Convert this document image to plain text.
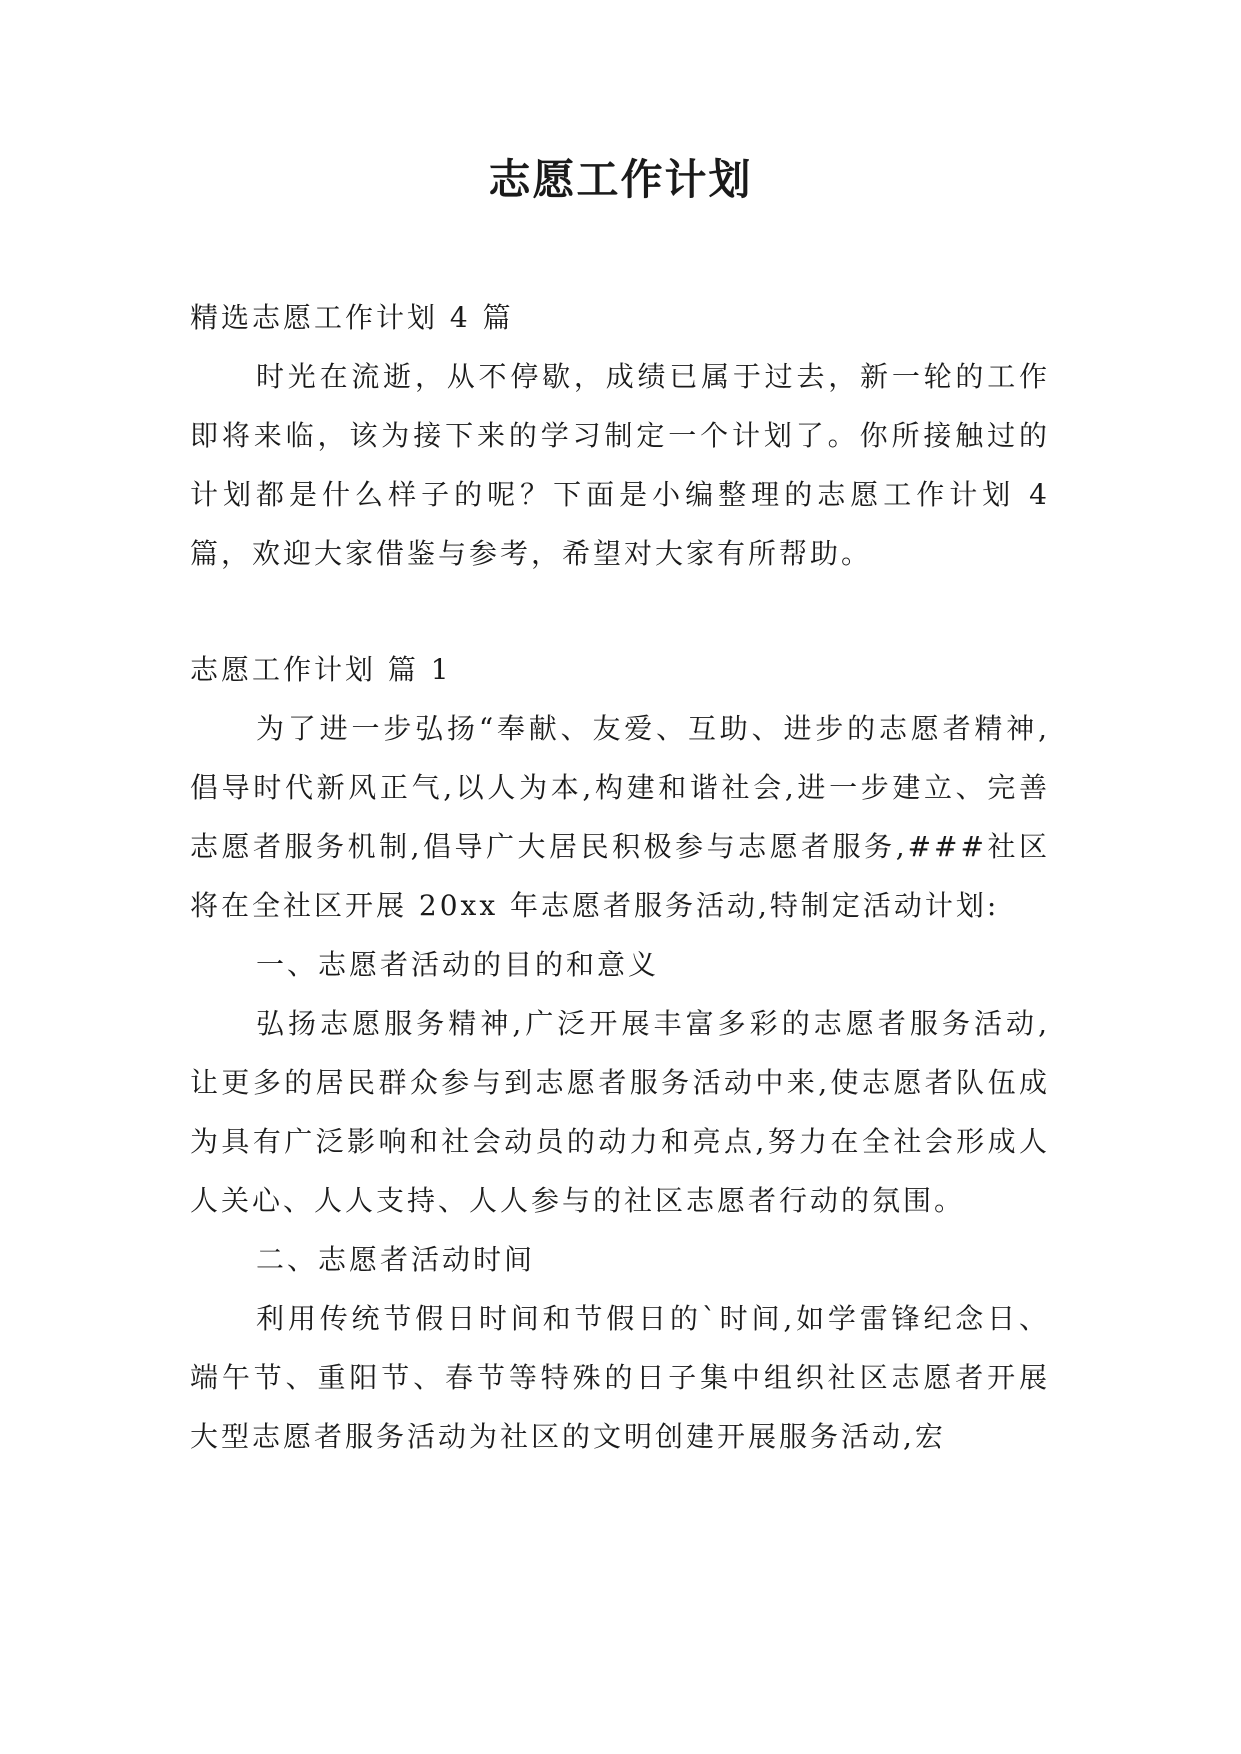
志愿工作计划

精选志愿工作计划 4 篇

时光在流逝，从不停歇，成绩已属于过去，新一轮的工作即将来临，该为接下来的学习制定一个计划了。你所接触过的计划都是什么样子的呢？下面是小编整理的志愿工作计划 4 篇，欢迎大家借鉴与参考，希望对大家有所帮助。

志愿工作计划 篇 1

为了进一步弘扬“奉献、友爱、互助、进步的志愿者精神,倡导时代新风正气,以人为本,构建和谐社会,进一步建立、完善志愿者服务机制,倡导广大居民积极参与志愿者服务,###社区将在全社区开展 20xx 年志愿者服务活动,特制定活动计划:

一、志愿者活动的目的和意义

弘扬志愿服务精神,广泛开展丰富多彩的志愿者服务活动,让更多的居民群众参与到志愿者服务活动中来,使志愿者队伍成为具有广泛影响和社会动员的动力和亮点,努力在全社会形成人人关心、人人支持、人人参与的社区志愿者行动的氛围。

二、志愿者活动时间

利用传统节假日时间和节假日的`时间,如学雷锋纪念日、端午节、重阳节、春节等特殊的日子集中组织社区志愿者开展大型志愿者服务活动为社区的文明创建开展服务活动,宏
